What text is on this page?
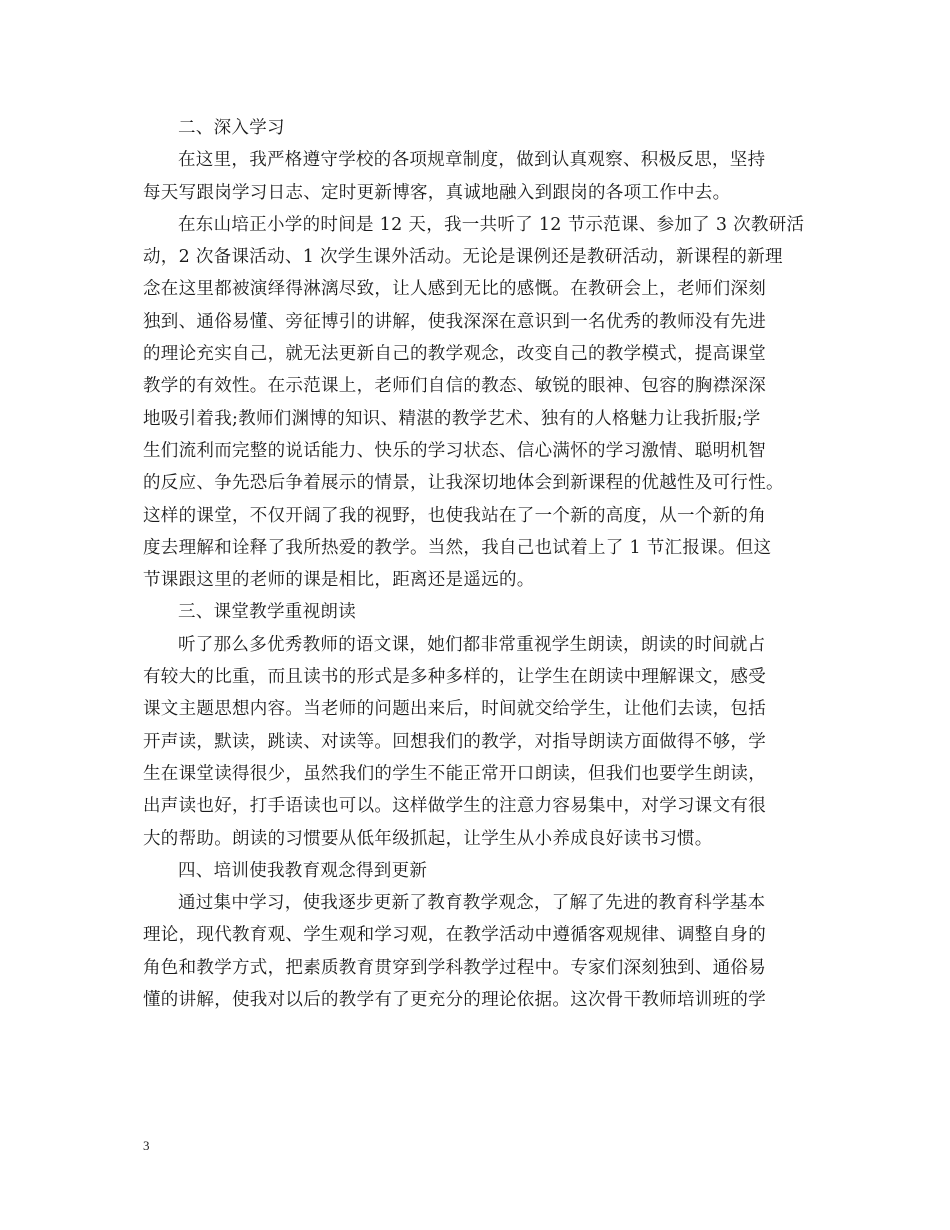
二、深入学习
在这里，我严格遵守学校的各项规章制度，做到认真观察、积极反思，坚持
每天写跟岗学习日志、定时更新博客，真诚地融入到跟岗的各项工作中去。
在东山培正小学的时间是 12 天，我一共听了 12 节示范课、参加了 3 次教研活
动，2 次备课活动、1 次学生课外活动。无论是课例还是教研活动，新课程的新理
念在这里都被演绎得淋漓尽致，让人感到无比的感慨。在教研会上，老师们深刻
独到、通俗易懂、旁征博引的讲解，使我深深在意识到一名优秀的教师没有先进
的理论充实自己，就无法更新自己的教学观念，改变自己的教学模式，提高课堂
教学的有效性。在示范课上，老师们自信的教态、敏锐的眼神、包容的胸襟深深
地吸引着我;教师们渊博的知识、精湛的教学艺术、独有的人格魅力让我折服;学
生们流利而完整的说话能力、快乐的学习状态、信心满怀的学习激情、聪明机智
的反应、争先恐后争着展示的情景，让我深切地体会到新课程的优越性及可行性。
这样的课堂，不仅开阔了我的视野，也使我站在了一个新的高度，从一个新的角
度去理解和诠释了我所热爱的教学。当然，我自己也试着上了 1 节汇报课。但这
节课跟这里的老师的课是相比，距离还是遥远的。
三、课堂教学重视朗读
听了那么多优秀教师的语文课，她们都非常重视学生朗读，朗读的时间就占
有较大的比重，而且读书的形式是多种多样的，让学生在朗读中理解课文，感受
课文主题思想内容。当老师的问题出来后，时间就交给学生，让他们去读，包括
开声读，默读，跳读、对读等。回想我们的教学，对指导朗读方面做得不够，学
生在课堂读得很少，虽然我们的学生不能正常开口朗读，但我们也要学生朗读，
出声读也好，打手语读也可以。这样做学生的注意力容易集中，对学习课文有很
大的帮助。朗读的习惯要从低年级抓起，让学生从小养成良好读书习惯。
四、培训使我教育观念得到更新
通过集中学习，使我逐步更新了教育教学观念，了解了先进的教育科学基本
理论，现代教育观、学生观和学习观，在教学活动中遵循客观规律、调整自身的
角色和教学方式，把素质教育贯穿到学科教学过程中。专家们深刻独到、通俗易
懂的讲解，使我对以后的教学有了更充分的理论依据。这次骨干教师培训班的学
3
